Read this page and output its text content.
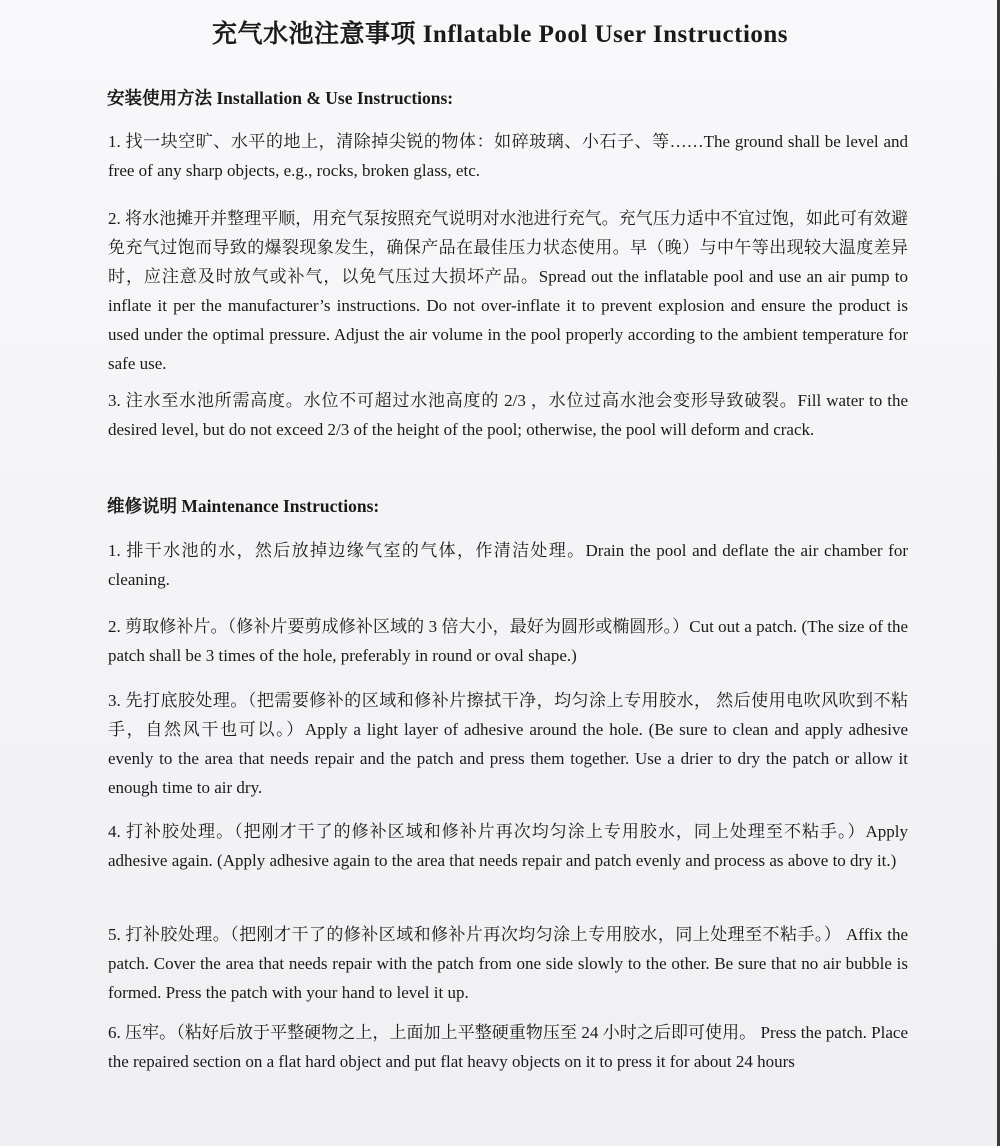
充气水池注意事项 Inflatable Pool User Instructions
安装使用方法 Installation & Use Instructions:
1. 找一块空旷、水平的地上，清除掉尖锐的物体：如碎玻璃、小石子、等……The ground shall be level and free of any sharp objects, e.g., rocks, broken glass, etc.
2. 将水池摊开并整理平顺，用充气泵按照充气说明对水池进行充气。充气压力适中不宜过饱，如此可有效避免充气过饱而导致的爆裂现象发生，确保产品在最佳压力状态使用。早（晚）与中午等出现较大温度差异时，应注意及时放气或补气，以免气压过大损坏产品。Spread out the inflatable pool and use an air pump to inflate it per the manufacturer’s instructions. Do not over-inflate it to prevent explosion and ensure the product is used under the optimal pressure. Adjust the air volume in the pool properly according to the ambient temperature for safe use.
3. 注水至水池所需高度。水位不可超过水池高度的 2/3 ，水位过高水池会变形导致破裂。Fill water to the desired level, but do not exceed 2/3 of the height of the pool; otherwise, the pool will deform and crack.
维修说明 Maintenance Instructions:
1. 排干水池的水，然后放掉边缘气室的气体，作清洁处理。Drain the pool and deflate the air chamber for cleaning.
2. 剪取修补片。（修补片要剪成修补区域的 3 倍大小，最好为圆形或椭圆形。）Cut out a patch. (The size of the patch shall be 3 times of the hole, preferably in round or oval shape.)
3. 先打底胶处理。（把需要修补的区域和修补片擦拭干净，均匀涂上专用胶水， 然后使用电吹风吹到不粘手，自然风干也可以。）Apply a light layer of adhesive around the hole. (Be sure to clean and apply adhesive evenly to the area that needs repair and the patch and press them together. Use a drier to dry the patch or allow it enough time to air dry.
4. 打补胶处理。（把刚才干了的修补区域和修补片再次均匀涂上专用胶水，同上处理至不粘手。）Apply adhesive again. (Apply adhesive again to the area that needs repair and patch evenly and process as above to dry it.)
5. 打补胶处理。（把刚才干了的修补区域和修补片再次均匀涂上专用胶水，同上处理至不粘手。） Affix the patch. Cover the area that needs repair with the patch from one side slowly to the other. Be sure that no air bubble is formed. Press the patch with your hand to level it up.
6. 压牢。（粘好后放于平整硬物之上，上面加上平整硬重物压至 24 小时之后即可使用。 Press the patch. Place the repaired section on a flat hard object and put flat heavy objects on it to press it for about 24 hours
